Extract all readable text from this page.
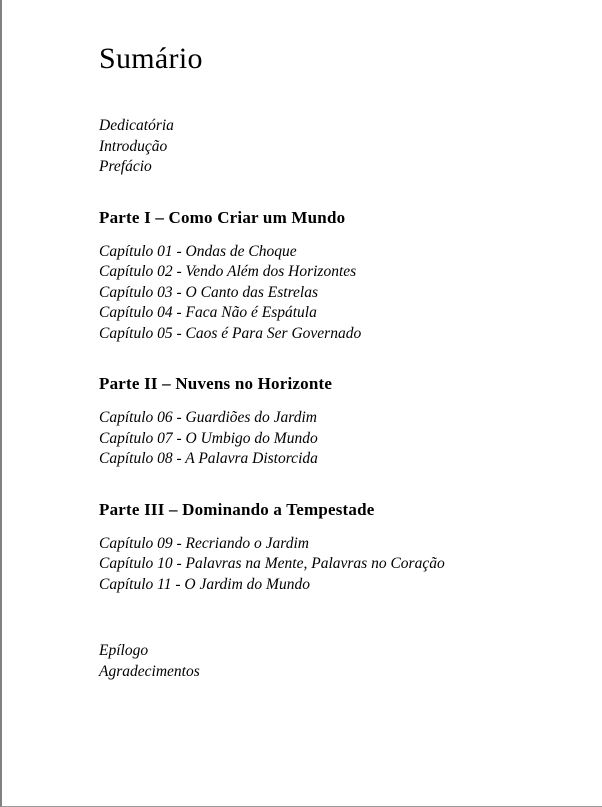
Sumário
Dedicatória
Introdução
Prefácio
Parte I – Como Criar um Mundo
Capítulo 01 - Ondas de Choque
Capítulo 02 - Vendo Além dos Horizontes
Capítulo 03 - O Canto das Estrelas
Capítulo 04 - Faca Não é Espátula
Capítulo 05 - Caos é Para Ser Governado
Parte II – Nuvens no Horizonte
Capítulo 06 - Guardiões do Jardim
Capítulo 07 - O Umbigo do Mundo
Capítulo 08 - A Palavra Distorcida
Parte III – Dominando a Tempestade
Capítulo 09 - Recriando o Jardim
Capítulo 10 - Palavras na Mente, Palavras no Coração
Capítulo 11 - O Jardim do Mundo
Epílogo
Agradecimentos
